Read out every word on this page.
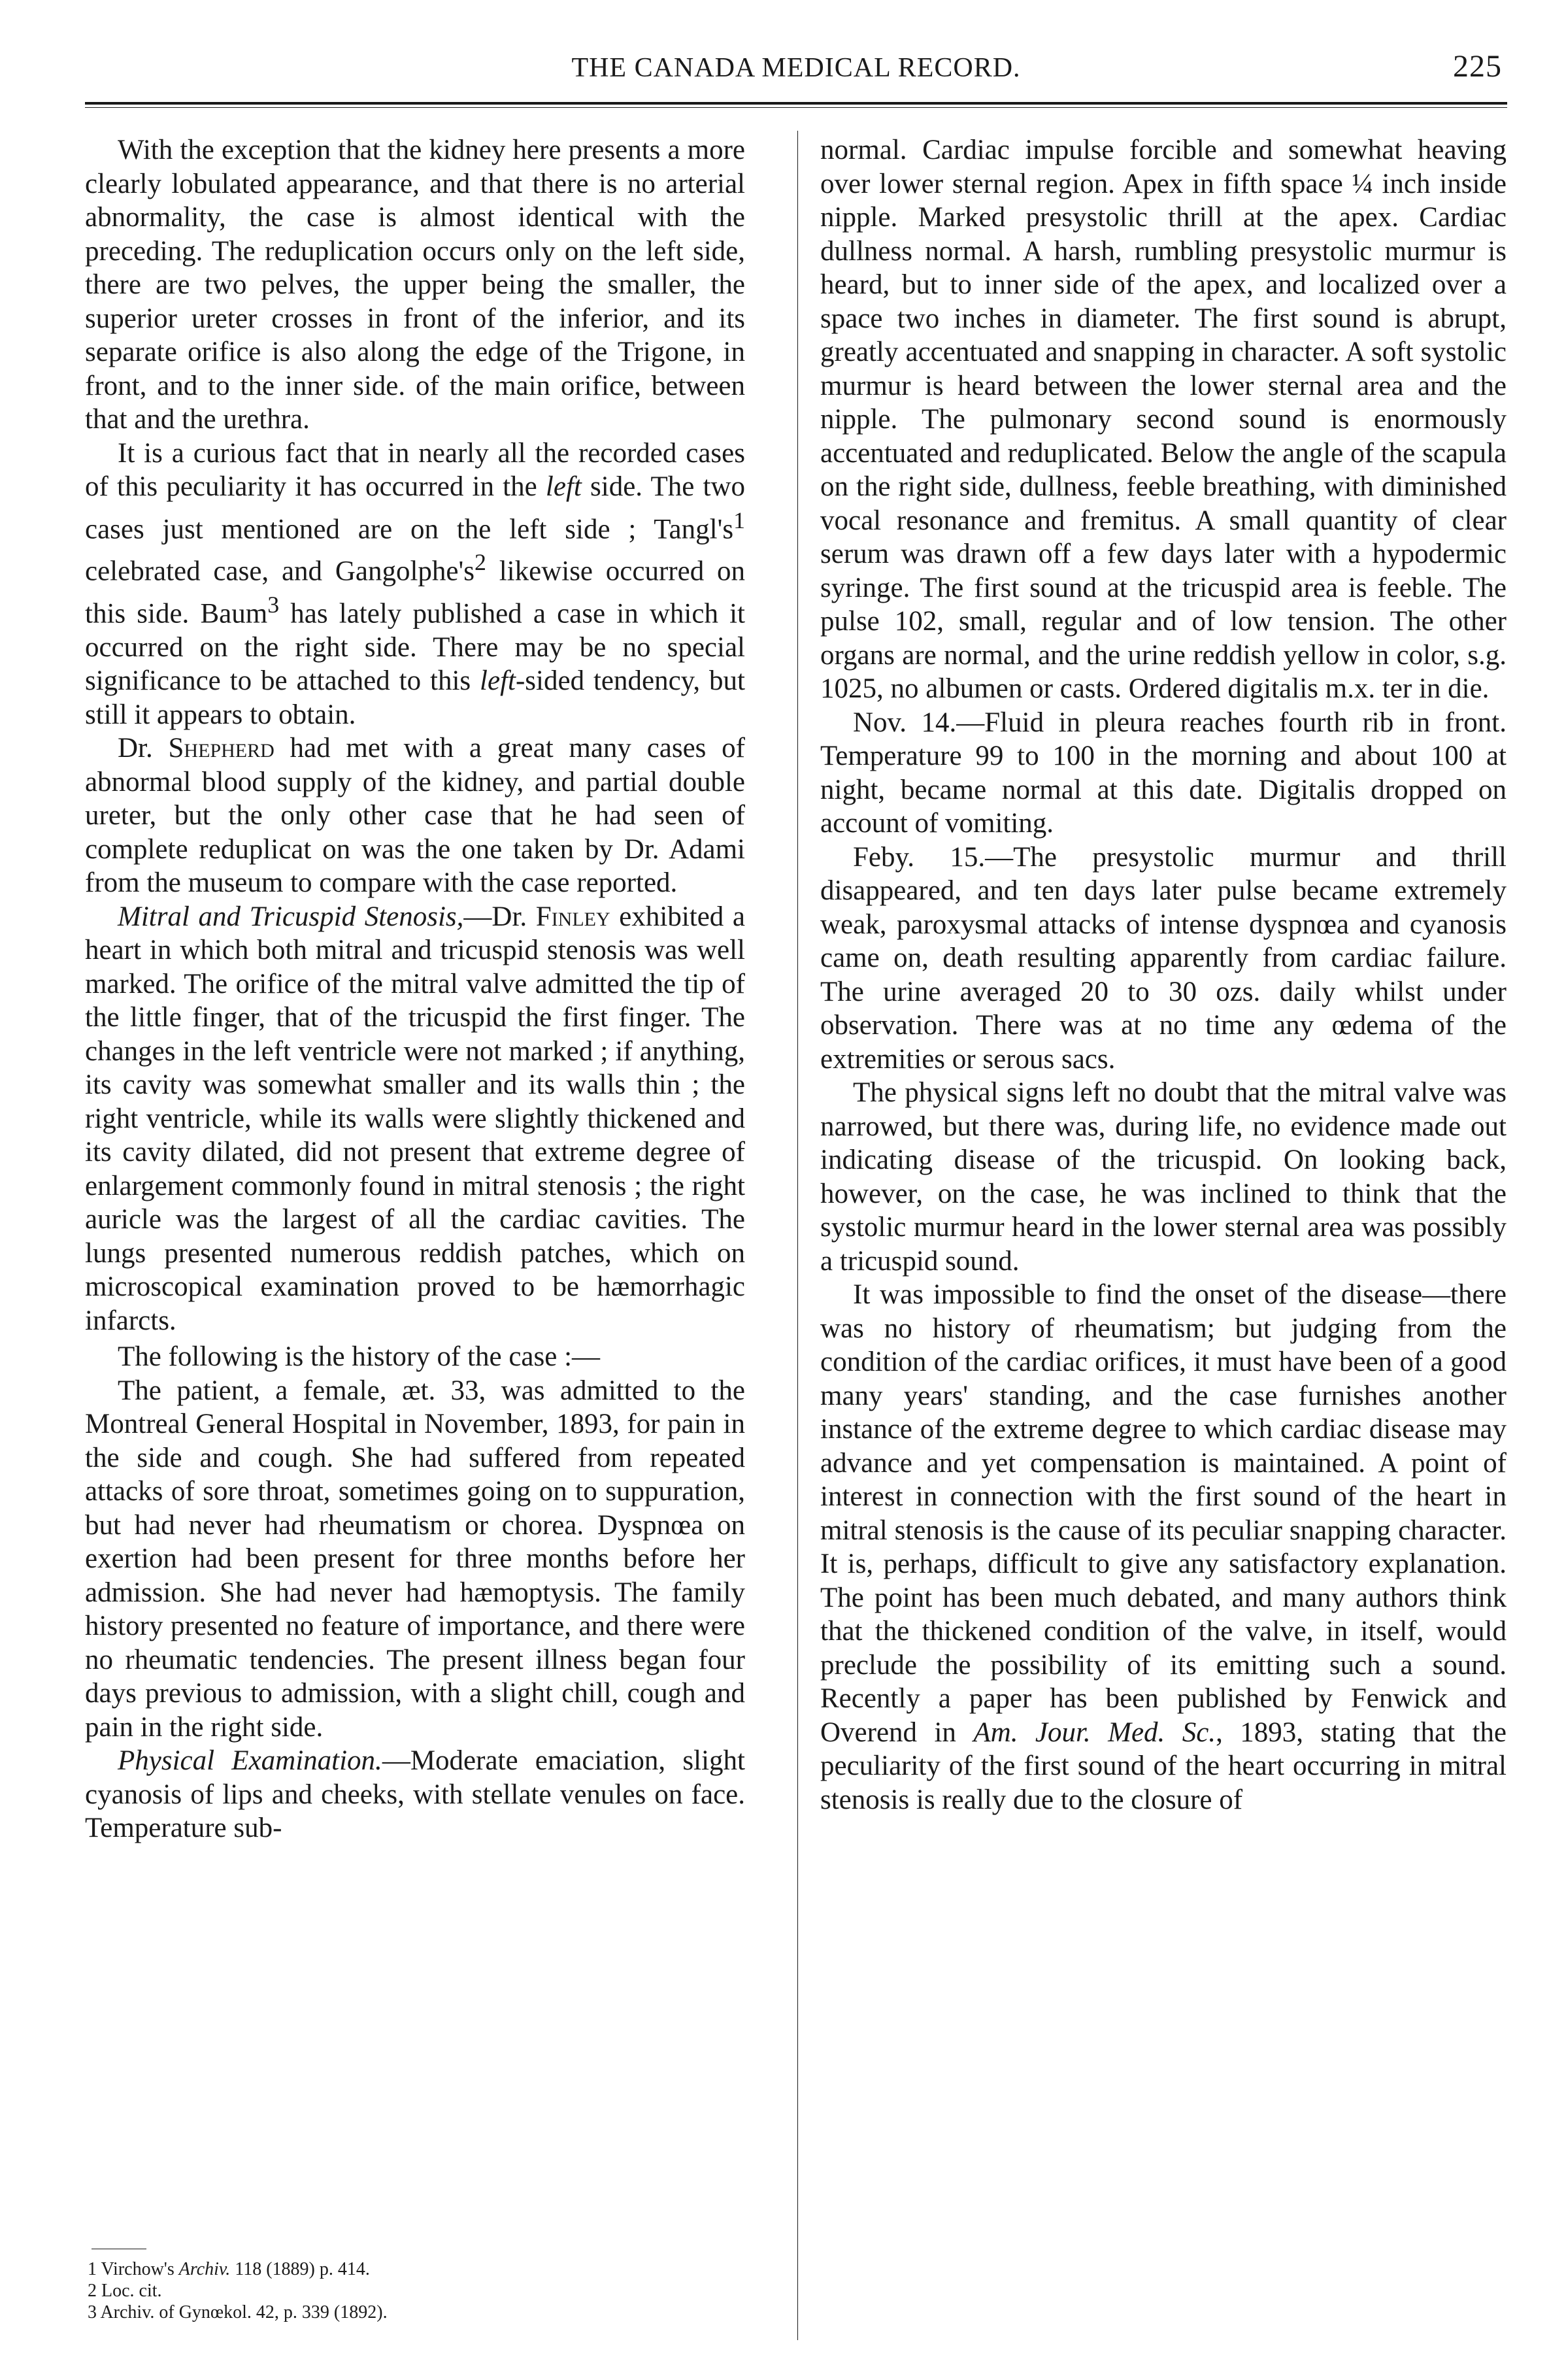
THE CANADA MEDICAL RECORD.	225

With the exception that the kidney here presents a more clearly lobulated appearance, and that there is no arterial abnormality, the case is almost identical with the preceding. The reduplication occurs only on the left side, there are two pelves, the upper being the smaller, the superior ureter crosses in front of the inferior, and its separate orifice is also along the edge of the Trigone, in front, and to the inner side. of the main orifice, between that and the urethra.

It is a curious fact that in nearly all the recorded cases of this peculiarity it has occurred in the left side. The two cases just mentioned are on the left side ; $Tangl's^1$ celebrated case, and $Gangolphe's^2$ likewise occurred on this side. Baum$^3$ has lately published a case in which it occurred on the right side. There may be no special significance to be attached to this left-sided tendency, but still it appears to obtain.

Dr. Shepherd had met with a great many cases of abnormal blood supply of the kidney, and partial double ureter, but the only other case that he had seen of complete reduplicat on was the one taken by Dr. Adami from the museum to compare with the case reported.

Mitral and Tricuspid Stenosis,—Dr. Finley exhibited a heart in which both mitral and tricuspid stenosis was well marked. The orifice of the mitral valve admitted the tip of the little finger, that of the tricuspid the first finger. The changes in the left ventricle were not marked ; if anything, its cavity was somewhat smaller and its walls thin ; the right ventricle, while its walls were slightly thickened and its cavity dilated, did not present that extreme degree of enlargement commonly found in mitral stenosis ; the right auricle was the largest of all the cardiac cavities. The lungs presented numerous reddish patches, which on microscopical examination proved to be hæmorrhagic infarcts.

The following is the history of the case :—

The patient, a female, æt. 33, was admitted to the Montreal General Hospital in November, 1893, for pain in the side and cough. She had suffered from repeated attacks of sore throat, sometimes going on to suppuration, but had never had rheumatism or chorea. Dyspnœa on exertion had been present for three months before her admission. She had never had hæmoptysis. The family history presented no feature of importance, and there were no rheumatic tendencies. The present illness began four days previous to admission, with a slight chill, cough and pain in the right side.

Physical Examination.—Moderate emaciation, slight cyanosis of lips and cheeks, with stellate venules on face. Temperature sub-

normal. Cardiac impulse forcible and somewhat heaving over lower sternal region. Apex in fifth space ¼ inch inside nipple. Marked presystolic thrill at the apex. Cardiac dullness normal. A harsh, rumbling presystolic murmur is heard, but to inner side of the apex, and localized over a space two inches in diameter. The first sound is abrupt, greatly accentuated and snapping in character. A soft systolic murmur is heard between the lower sternal area and the nipple. The pulmonary second sound is enormously accentuated and reduplicated. Below the angle of the scapula on the right side, dullness, feeble breathing, with diminished vocal resonance and fremitus. A small quantity of clear serum was drawn off a few days later with a hypodermic syringe. The first sound at the tricuspid area is feeble. The pulse 102, small, regular and of low tension. The other organs are normal, and the urine reddish yellow in color, s.g. 1025, no albumen or casts. Ordered digitalis m.x. ter in die.

Nov. 14.—Fluid in pleura reaches fourth rib in front. Temperature 99 to 100 in the morning and about 100 at night, became normal at this date. Digitalis dropped on account of vomiting.

Feby. 15.—The presystolic murmur and thrill disappeared, and ten days later pulse became extremely weak, paroxysmal attacks of intense dyspnœa and cyanosis came on, death resulting apparently from cardiac failure. The urine averaged 20 to 30 ozs. daily whilst under observation. There was at no time any œdema of the extremities or serous sacs.

The physical signs left no doubt that the mitral valve was narrowed, but there was, during life, no evidence made out indicating disease of the tricuspid. On looking back, however, on the case, he was inclined to think that the systolic murmur heard in the lower sternal area was possibly a tricuspid sound.

It was impossible to find the onset of the disease—there was no history of rheumatism; but judging from the condition of the cardiac orifices, it must have been of a good many years' standing, and the case furnishes another instance of the extreme degree to which cardiac disease may advance and yet compensation is maintained. A point of interest in connection with the first sound of the heart in mitral stenosis is the cause of its peculiar snapping character. It is, perhaps, difficult to give any satisfactory explanation. The point has been much debated, and many authors think that the thickened condition of the valve, in itself, would preclude the possibility of its emitting such a sound. Recently a paper has been published by Fenwick and Overend in Am. Jour. Med. Sc., 1893, stating that the peculiarity of the first sound of the heart occurring in mitral stenosis is really due to the closure of

1 Virchow's Archiv. 118 (1889) p. 414.
2 Loc. cit.
3 Archiv. of Gynœkol. 42, p. 339 (1892).
